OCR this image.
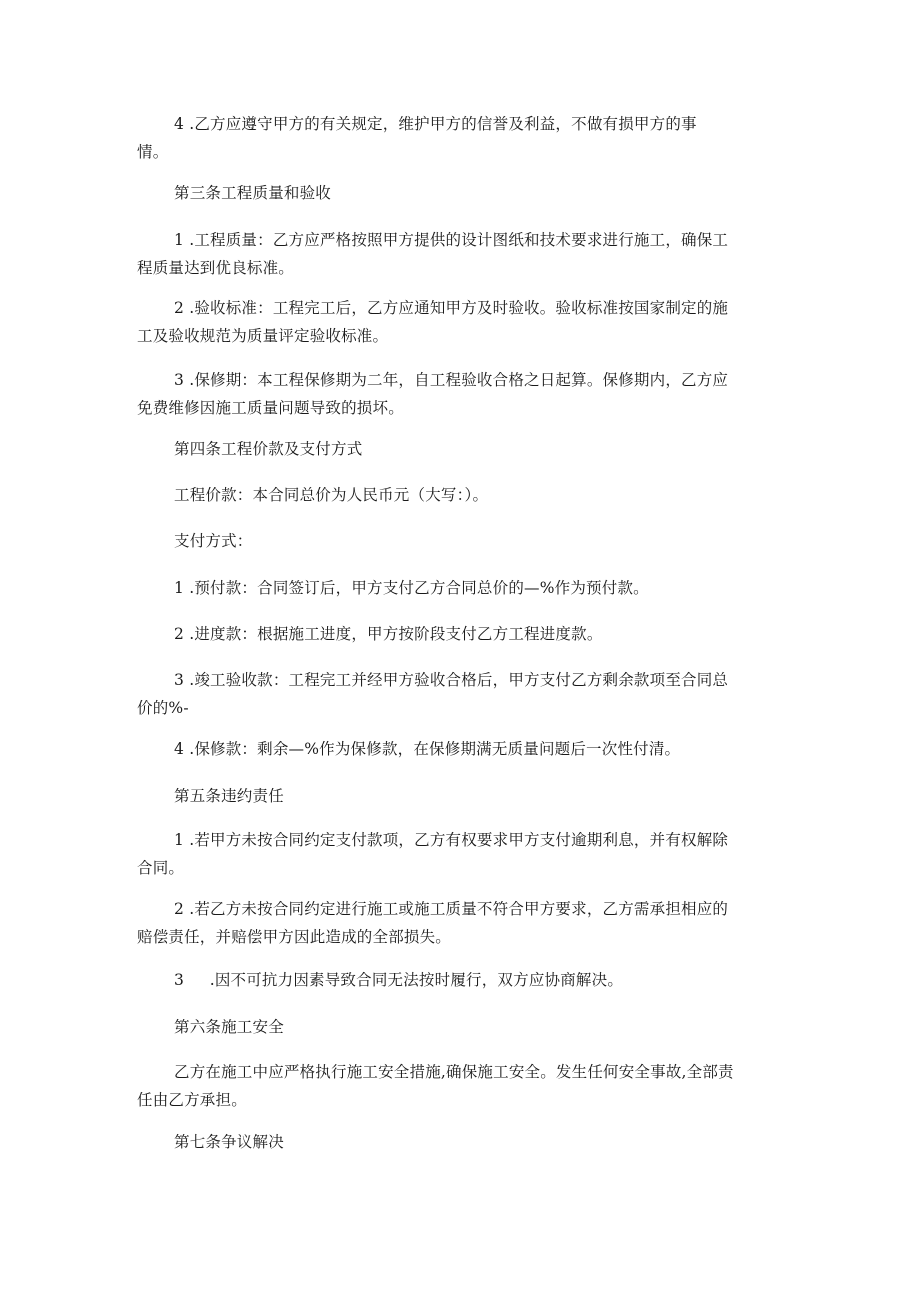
4 .乙方应遵守甲方的有关规定，维护甲方的信誉及利益，不做有损甲方的事
情。

第三条工程质量和验收

1 .工程质量：乙方应严格按照甲方提供的设计图纸和技术要求进行施工，确保工
程质量达到优良标准。

2 .验收标准：工程完工后，乙方应通知甲方及时验收。验收标准按国家制定的施
工及验收规范为质量评定验收标准。

3 .保修期：本工程保修期为二年，自工程验收合格之日起算。保修期内，乙方应
免费维修因施工质量问题导致的损坏。

第四条工程价款及支付方式

工程价款：本合同总价为人民币元（大写：）。

支付方式：

1 .预付款：合同签订后，甲方支付乙方合同总价的—%作为预付款。

2 .进度款：根据施工进度，甲方按阶段支付乙方工程进度款。

3 .竣工验收款：工程完工并经甲方验收合格后，甲方支付乙方剩余款项至合同总
价的%-

4 .保修款：剩余—%作为保修款，在保修期满无质量问题后一次性付清。

第五条违约责任

1 .若甲方未按合同约定支付款项，乙方有权要求甲方支付逾期利息，并有权解除
合同。

2 .若乙方未按合同约定进行施工或施工质量不符合甲方要求，乙方需承担相应的
赔偿责任，并赔偿甲方因此造成的全部损失。

3     .因不可抗力因素导致合同无法按时履行，双方应协商解决。

第六条施工安全

乙方在施工中应严格执行施工安全措施,确保施工安全。发生任何安全事故,全部责
任由乙方承担。

第七条争议解决
